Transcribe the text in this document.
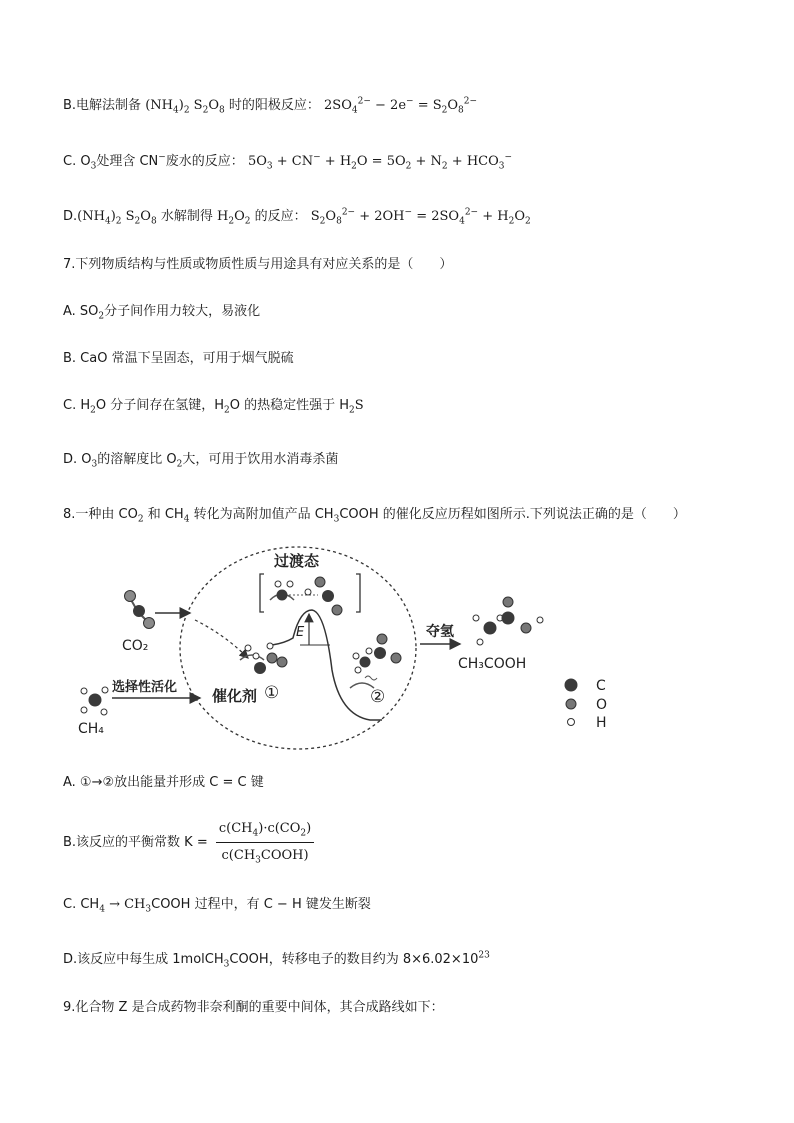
B.电解法制备 $(NH_4)_2$ $S_2O_8$ 时的阳极反应： $2SO_4^{2-} - 2e^- = S_2O_8^{2-}$
C. $O_3$处理含 CN−废水的反应： $5O_3 + CN^- + H_2O = 5O_2 + N_2 + HCO_3^-$
$D.(NH_4)_2$ $S_2O_8$ 水解制得 $H_2O_2$ 的反应： $S_2O_8^{2-} + 2OH^- = 2SO_4^{2-} + H_2O_2$
7.下列物质结构与性质或物质性质与用途具有对应关系的是（　　）
A. $SO_2$分子间作用力较大，易液化
B. CaO 常温下呈固态，可用于烟气脱硫
C. $H_2O$ 分子间存在氢键，$H_2O$ 的热稳定性强于 $H_2S$
D. $O_3$的溶解度比 $O_2$大，可用于饮用水消毒杀菌
8.一种由 $CO_2$ 和 $CH_4$ 转化为高附加值产品 $CH_3COOH$ 的催化反应历程如图所示.下列说法正确的是（　　）
CO₂
CH₄
选择性活化
过渡态
E
催化剂 ①	②
夺氢
CH₃COOH
C
O
H
A. ①→②放出能量并形成 C = C 键
B.该反应的平衡常数 $K = \frac{c(CH_4)\cdot c(CO_2)}{c(CH_3COOH)}$
C. $CH_4$ → $CH_3COOH$ 过程中，有 C − H 键发生断裂
D.该反应中每生成 1molCH$_3$COOH，转移电子的数目约为 $8\times 6.02\times 10^{23}$
9.化合物 Z 是合成药物非奈利酮的重要中间体，其合成路线如下：
